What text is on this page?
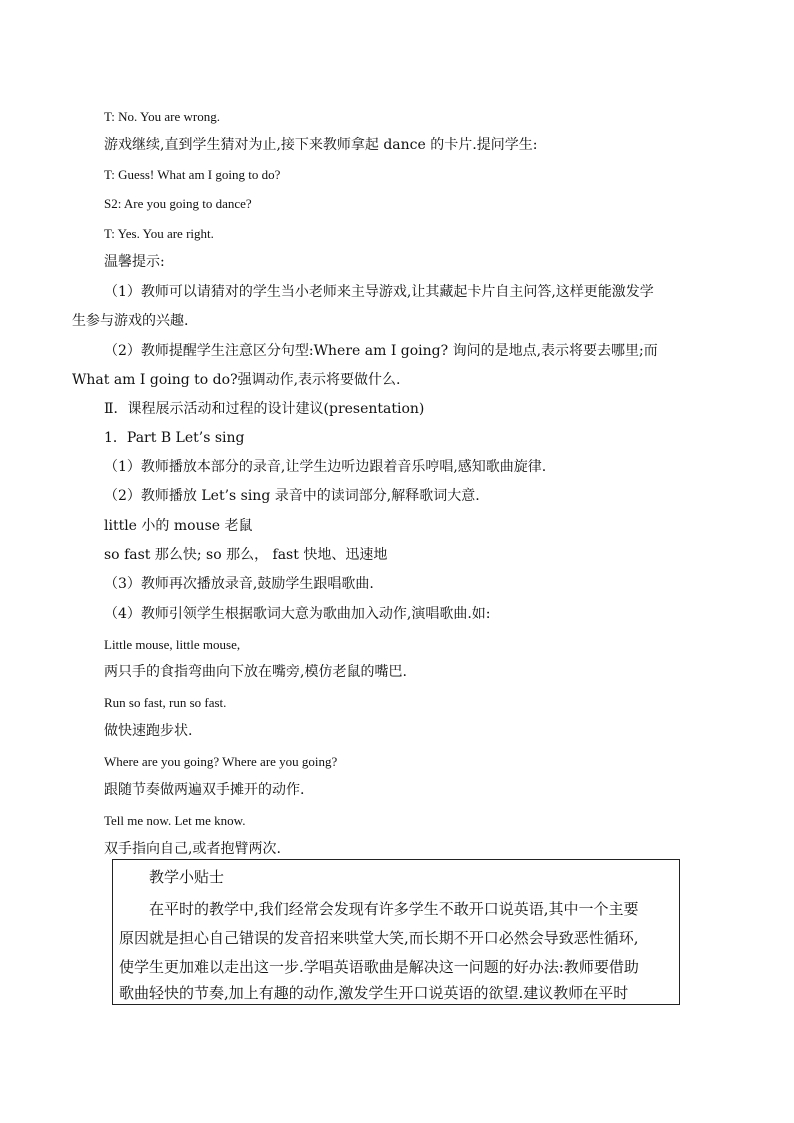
T: No. You are wrong.
游戏继续,直到学生猜对为止,接下来教师拿起 dance 的卡片.提问学生:
T: Guess! What am I going to do?
S2: Are you going to dance?
T: Yes. You are right.
温馨提示:
（1）教师可以请猜对的学生当小老师来主导游戏,让其藏起卡片自主问答,这样更能激发学
生参与游戏的兴趣.
（2）教师提醒学生注意区分句型:Where am I going? 询问的是地点,表示将要去哪里;而
What am I going to do?强调动作,表示将要做什么.
Ⅱ．课程展示活动和过程的设计建议(presentation)
1．Part B Let’s sing
（1）教师播放本部分的录音,让学生边听边跟着音乐哼唱,感知歌曲旋律.
（2）教师播放 Let’s sing 录音中的读词部分,解释歌词大意.
little 小的 mouse 老鼠
so fast 那么快; so 那么， fast 快地、迅速地
（3）教师再次播放录音,鼓励学生跟唱歌曲.
（4）教师引领学生根据歌词大意为歌曲加入动作,演唱歌曲.如:
Little mouse, little mouse,
两只手的食指弯曲向下放在嘴旁,模仿老鼠的嘴巴.
Run so fast, run so fast.
做快速跑步状.
Where are you going? Where are you going?
跟随节奏做两遍双手摊开的动作.
Tell me now. Let me know.
双手指向自己,或者抱臂两次.
教学小贴士
在平时的教学中,我们经常会发现有许多学生不敢开口说英语,其中一个主要
原因就是担心自己错误的发音招来哄堂大笑,而长期不开口必然会导致恶性循环,
使学生更加难以走出这一步.学唱英语歌曲是解决这一问题的好办法:教师要借助
歌曲轻快的节奏,加上有趣的动作,激发学生开口说英语的欲望.建议教师在平时
